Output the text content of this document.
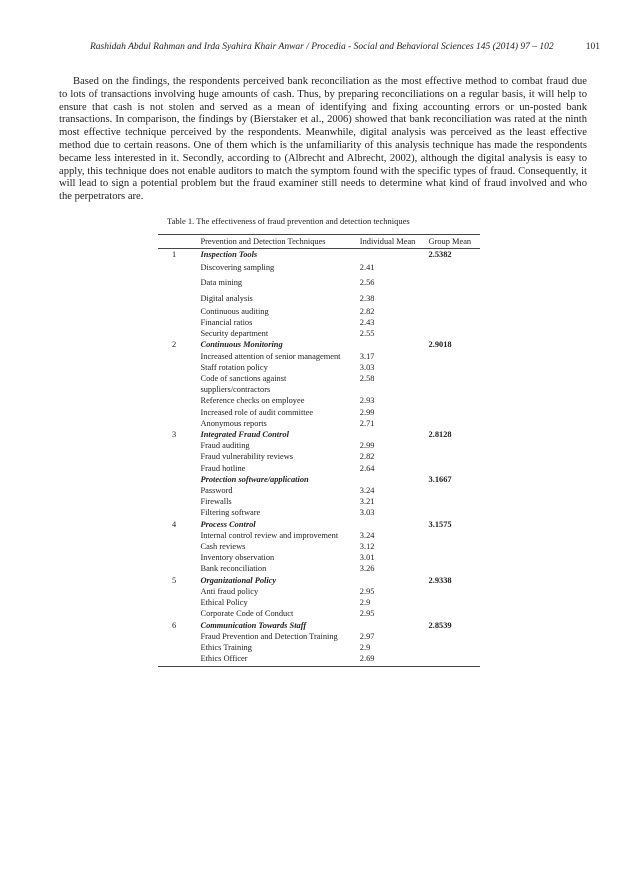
Rashidah Abdul Rahman and Irda Syahira Khair Anwar / Procedia - Social and Behavioral Sciences 145 (2014) 97 – 102	101

Based on the findings, the respondents perceived bank reconciliation as the most effective method to combat fraud due to lots of transactions involving huge amounts of cash. Thus, by preparing reconciliations on a regular basis, it will help to ensure that cash is not stolen and served as a mean of identifying and fixing accounting errors or un-posted bank transactions. In comparison, the findings by (Bierstaker et al., 2006) showed that bank reconciliation was rated at the ninth most effective technique perceived by the respondents. Meanwhile, digital analysis was perceived as the least effective method due to certain reasons. One of them which is the unfamiliarity of this analysis technique has made the respondents became less interested in it. Secondly, according to (Albrecht and Albrecht, 2002), although the digital analysis is easy to apply, this technique does not enable auditors to match the symptom found with the specific types of fraud. Consequently, it will lead to sign a potential problem but the fraud examiner still needs to determine what kind of fraud involved and who the perpetrators are.

Table 1. The effectiveness of fraud prevention and detection techniques
	Prevention and Detection Techniques	Individual Mean	Group Mean
1	Inspection Tools		2.5382
	Discovering sampling	2.41	
	Data mining	2.56	
	Digital analysis	2.38	
	Continuous auditing	2.82	
	Financial ratios	2.43	
	Security department	2.55	
2	Continuous Monitoring		2.9018
	Increased attention of senior management	3.17	
	Staff rotation policy	3.03	
	Code of sanctions against suppliers/contractors	2.58	
	Reference checks on employee	2.93	
	Increased role of audit committee	2.99	
	Anonymous reports	2.71	
3	Integrated Fraud Control		2.8128
	Fraud auditing	2.99	
	Fraud vulnerability reviews	2.82	
	Fraud hotline	2.64	
	Protection software/application		3.1667
	Password	3.24	
	Firewalls	3.21	
	Filtering software	3.03	
4	Process Control		3.1575
	Internal control review and improvement	3.24	
	Cash reviews	3.12	
	Inventory observation	3.01	
	Bank reconciliation	3.26	
5	Organizational Policy		2.9338
	Anti fraud policy	2.95	
	Ethical Policy	2.9	
	Corporate Code of Conduct	2.95	
6	Communication Towards Staff		2.8539
	Fraud Prevention and Detection Training	2.97	
	Ethics Training	2.9	
	Ethics Officer	2.69	
